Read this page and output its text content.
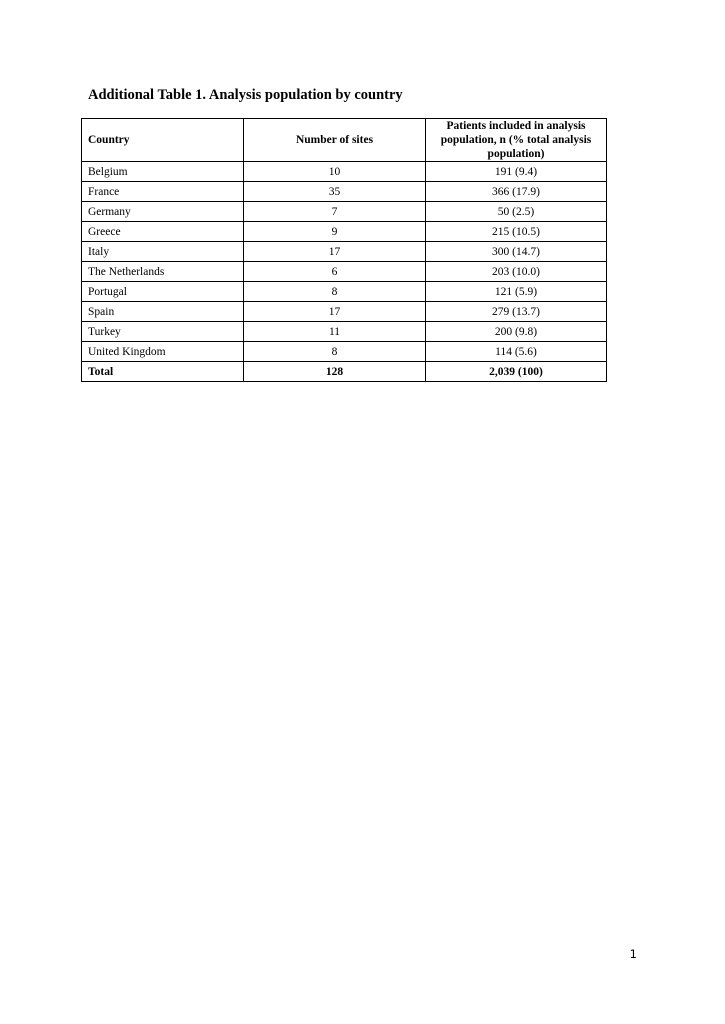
Additional Table 1. Analysis population by country
Country	Number of sites	Patients included in analysis population, n (% total analysis population)
Belgium	10	191 (9.4)
France	35	366 (17.9)
Germany	7	50 (2.5)
Greece	9	215 (10.5)
Italy	17	300 (14.7)
The Netherlands	6	203 (10.0)
Portugal	8	121 (5.9)
Spain	17	279 (13.7)
Turkey	11	200 (9.8)
United Kingdom	8	114 (5.6)
Total	128	2,039 (100)
1
